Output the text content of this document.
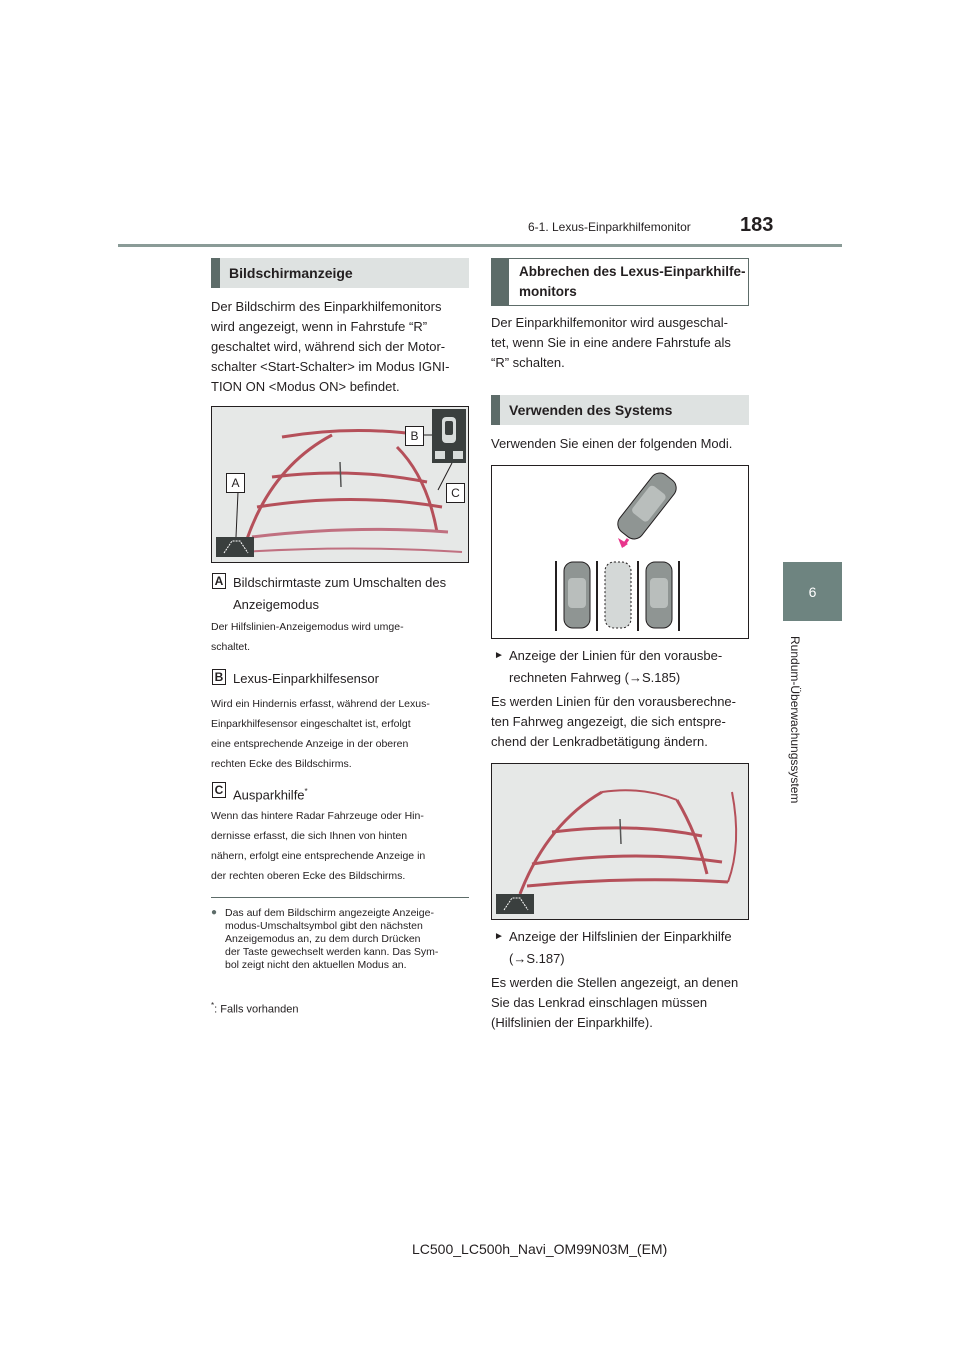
6-1. Lexus-Einparkhilfemonitor 183
6
Rundum-Überwachungssystem
Bildschirmanzeige
Der Bildschirm des Einparkhilfemonitors
wird angezeigt, wenn in Fahrstufe “R”
geschaltet wird, während sich der Motor-
schalter <Start-Schalter> im Modus IGNI-
TION ON <Modus ON> befindet.
A
B
C
A Bildschirmtaste zum Umschalten des
Anzeigemodus
Der Hilfslinien-Anzeigemodus wird umge-
schaltet.
B Lexus-Einparkhilfesensor
Wird ein Hindernis erfasst, während der Lexus-
Einparkhilfesensor eingeschaltet ist, erfolgt
eine entsprechende Anzeige in der oberen
rechten Ecke des Bildschirms.
C Ausparkhilfe*
Wenn das hintere Radar Fahrzeuge oder Hin-
dernisse erfasst, die sich Ihnen von hinten
nähern, erfolgt eine entsprechende Anzeige in
der rechten oberen Ecke des Bildschirms.
● Das auf dem Bildschirm angezeigte Anzeige-
modus-Umschaltsymbol gibt den nächsten
Anzeigemodus an, zu dem durch Drücken
der Taste gewechselt werden kann. Das Sym-
bol zeigt nicht den aktuellen Modus an.
*: Falls vorhanden
Abbrechen des Lexus-Einparkhilfe-
monitors
Der Einparkhilfemonitor wird ausgeschal-
tet, wenn Sie in eine andere Fahrstufe als
“R” schalten.
Verwenden des Systems
Verwenden Sie einen der folgenden Modi.
► Anzeige der Linien für den vorausbe-
rechneten Fahrweg (→S.185)
Es werden Linien für den vorausberechne-
ten Fahrweg angezeigt, die sich entspre-
chend der Lenkradbetätigung ändern.
► Anzeige der Hilfslinien der Einparkhilfe
(→S.187)
Es werden die Stellen angezeigt, an denen
Sie das Lenkrad einschlagen müssen
(Hilfslinien der Einparkhilfe).
LC500_LC500h_Navi_OM99N03M_(EM)
